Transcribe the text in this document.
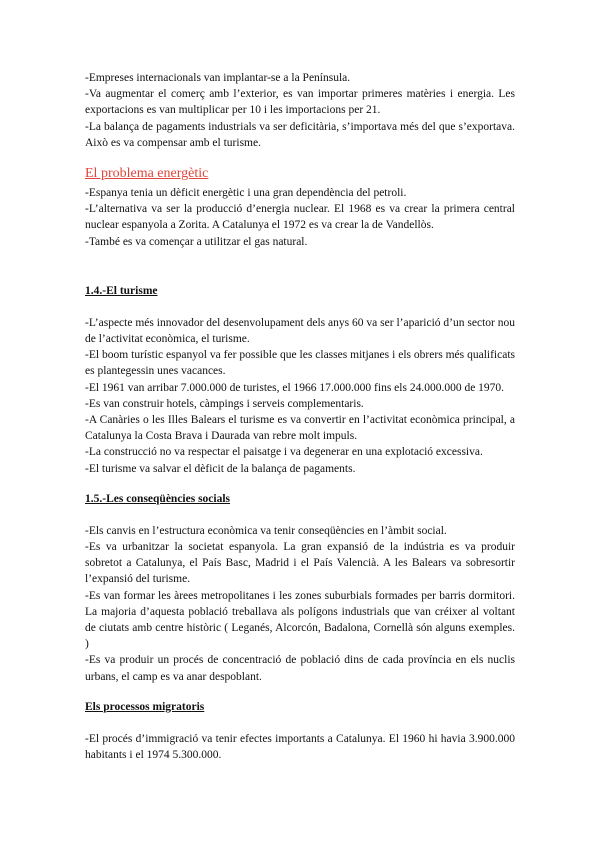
-Empreses internacionals van implantar-se a la Península.

-Va augmentar el comerç amb l’exterior, es van importar primeres matèries i energia. Les exportacions es van multiplicar per 10 i les importacions per 21.

-La balança de pagaments industrials va ser deficitària, s’importava més del que s’exportava. Això es va compensar amb el turisme.

El problema energètic

-Espanya tenia un dèficit energètic i una gran dependència del petroli.

-L’alternativa va ser la producció d’energia nuclear. El 1968 es va crear la primera central nuclear espanyola a Zorita. A Catalunya el 1972 es va crear la de Vandellòs.

-També es va començar a utilitzar el gas natural.

1.4.-El turisme

-L’aspecte més innovador del desenvolupament dels anys 60 va ser l’aparició d’un sector nou de l’activitat econòmica, el turisme.

-El boom turístic espanyol va fer possible que les classes mitjanes i els obrers més qualificats es plantegessin unes vacances.

-El 1961 van arribar 7.000.000 de turistes, el 1966 17.000.000 fins els 24.000.000 de 1970.

-Es van construir hotels, càmpings i serveis complementaris.

-A Canàries o les Illes Balears el turisme es va convertir en l’activitat econòmica principal, a Catalunya la Costa Brava i Daurada van rebre molt impuls.

-La construcció no va respectar el paisatge i va degenerar en una explotació excessiva.

-El turisme va salvar el dèficit de la balança de pagaments.

1.5.-Les conseqüències socials

-Els canvis en l’estructura econòmica va tenir conseqüències en l’àmbit social.

-Es va urbanitzar la societat espanyola. La gran expansió de la indústria es va produir sobretot a Catalunya, el País Basc, Madrid i el País Valencià. A les Balears va sobresortir l’expansió del turisme.

-Es van formar les àrees metropolitanes i les zones suburbials formades per barris dormitori. La majoria d’aquesta població treballava als polígons industrials que van créixer al voltant de ciutats amb centre històric ( Leganés, Alcorcón, Badalona, Cornellà són alguns exemples. )

-Es va produir un procés de concentració de població dins de cada província en els nuclis urbans, el camp es va anar despoblant.

Els processos migratoris

-El procés d’immigració va tenir efectes importants a Catalunya. El 1960 hi havia 3.900.000 habitants i el 1974 5.300.000.
